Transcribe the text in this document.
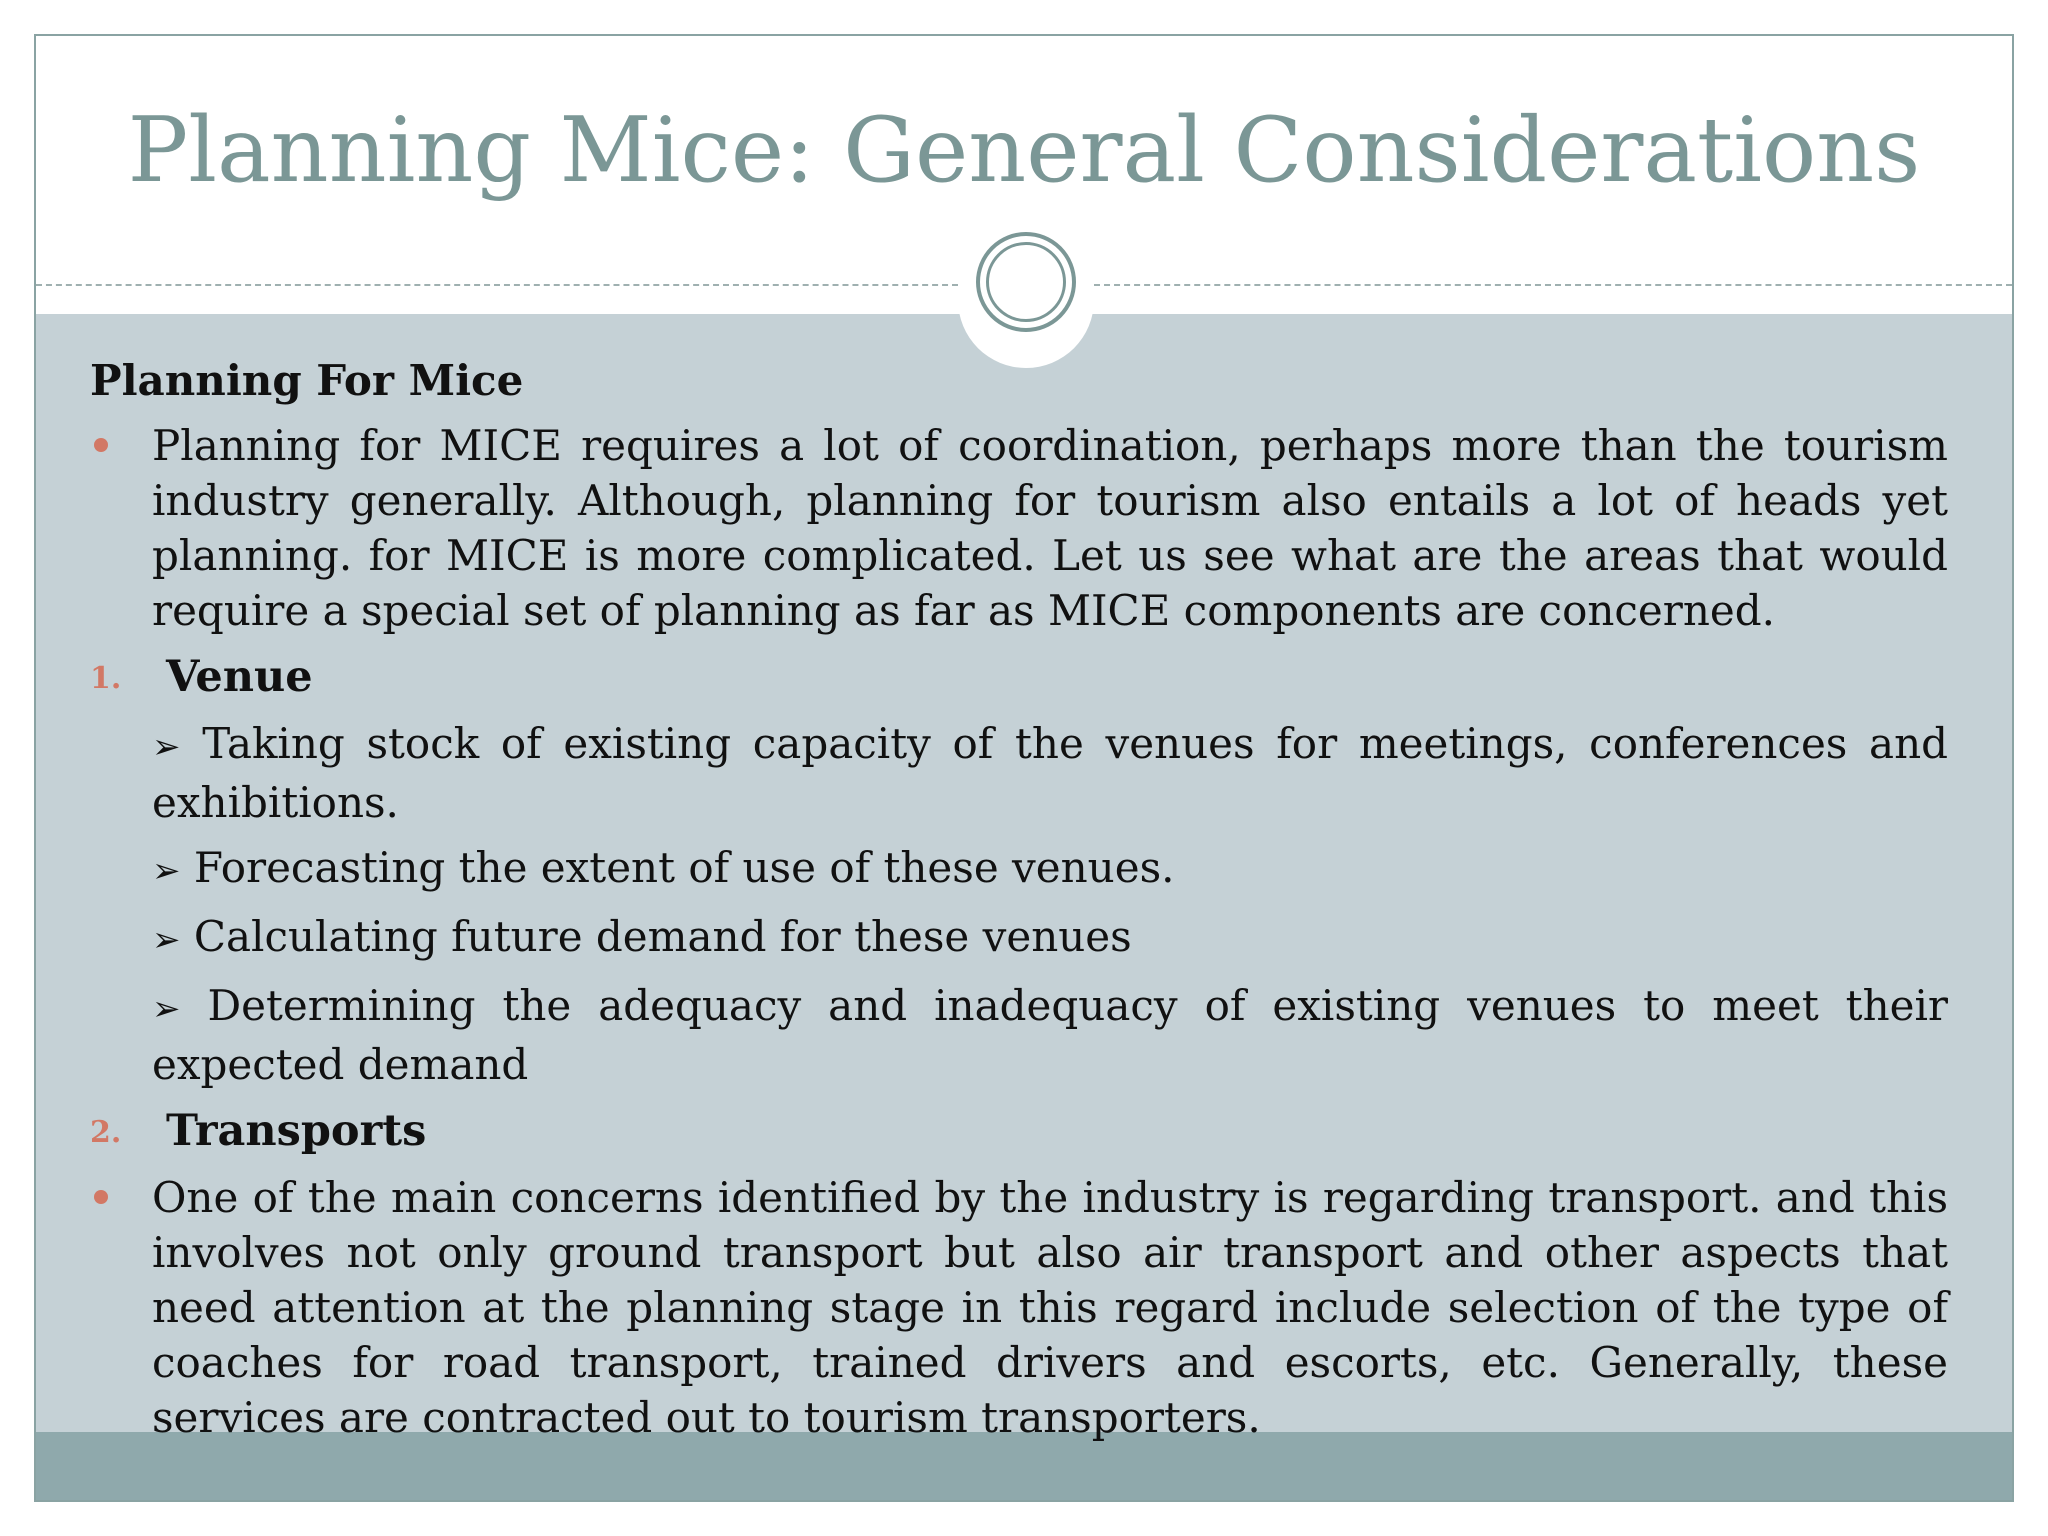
Planning Mice: General Considerations
Planning For Mice
Planning for MICE requires a lot of coordination, perhaps more than the tourism industry generally. Although, planning for tourism also entails a lot of heads yet planning. for MICE is more complicated. Let us see what are the areas that would require a special set of planning as far as MICE components are concerned.
1. Venue
➢ Taking stock of existing capacity of the venues for meetings, conferences and exhibitions.
➢ Forecasting the extent of use of these venues.
➢ Calculating future demand for these venues
➢ Determining the adequacy and inadequacy of existing venues to meet their expected demand
2. Transports
One of the main concerns identified by the industry is regarding transport. and this involves not only ground transport but also air transport and other aspects that need attention at the planning stage in this regard include selection of the type of coaches for road transport, trained drivers and escorts, etc. Generally, these services are contracted out to tourism transporters.
